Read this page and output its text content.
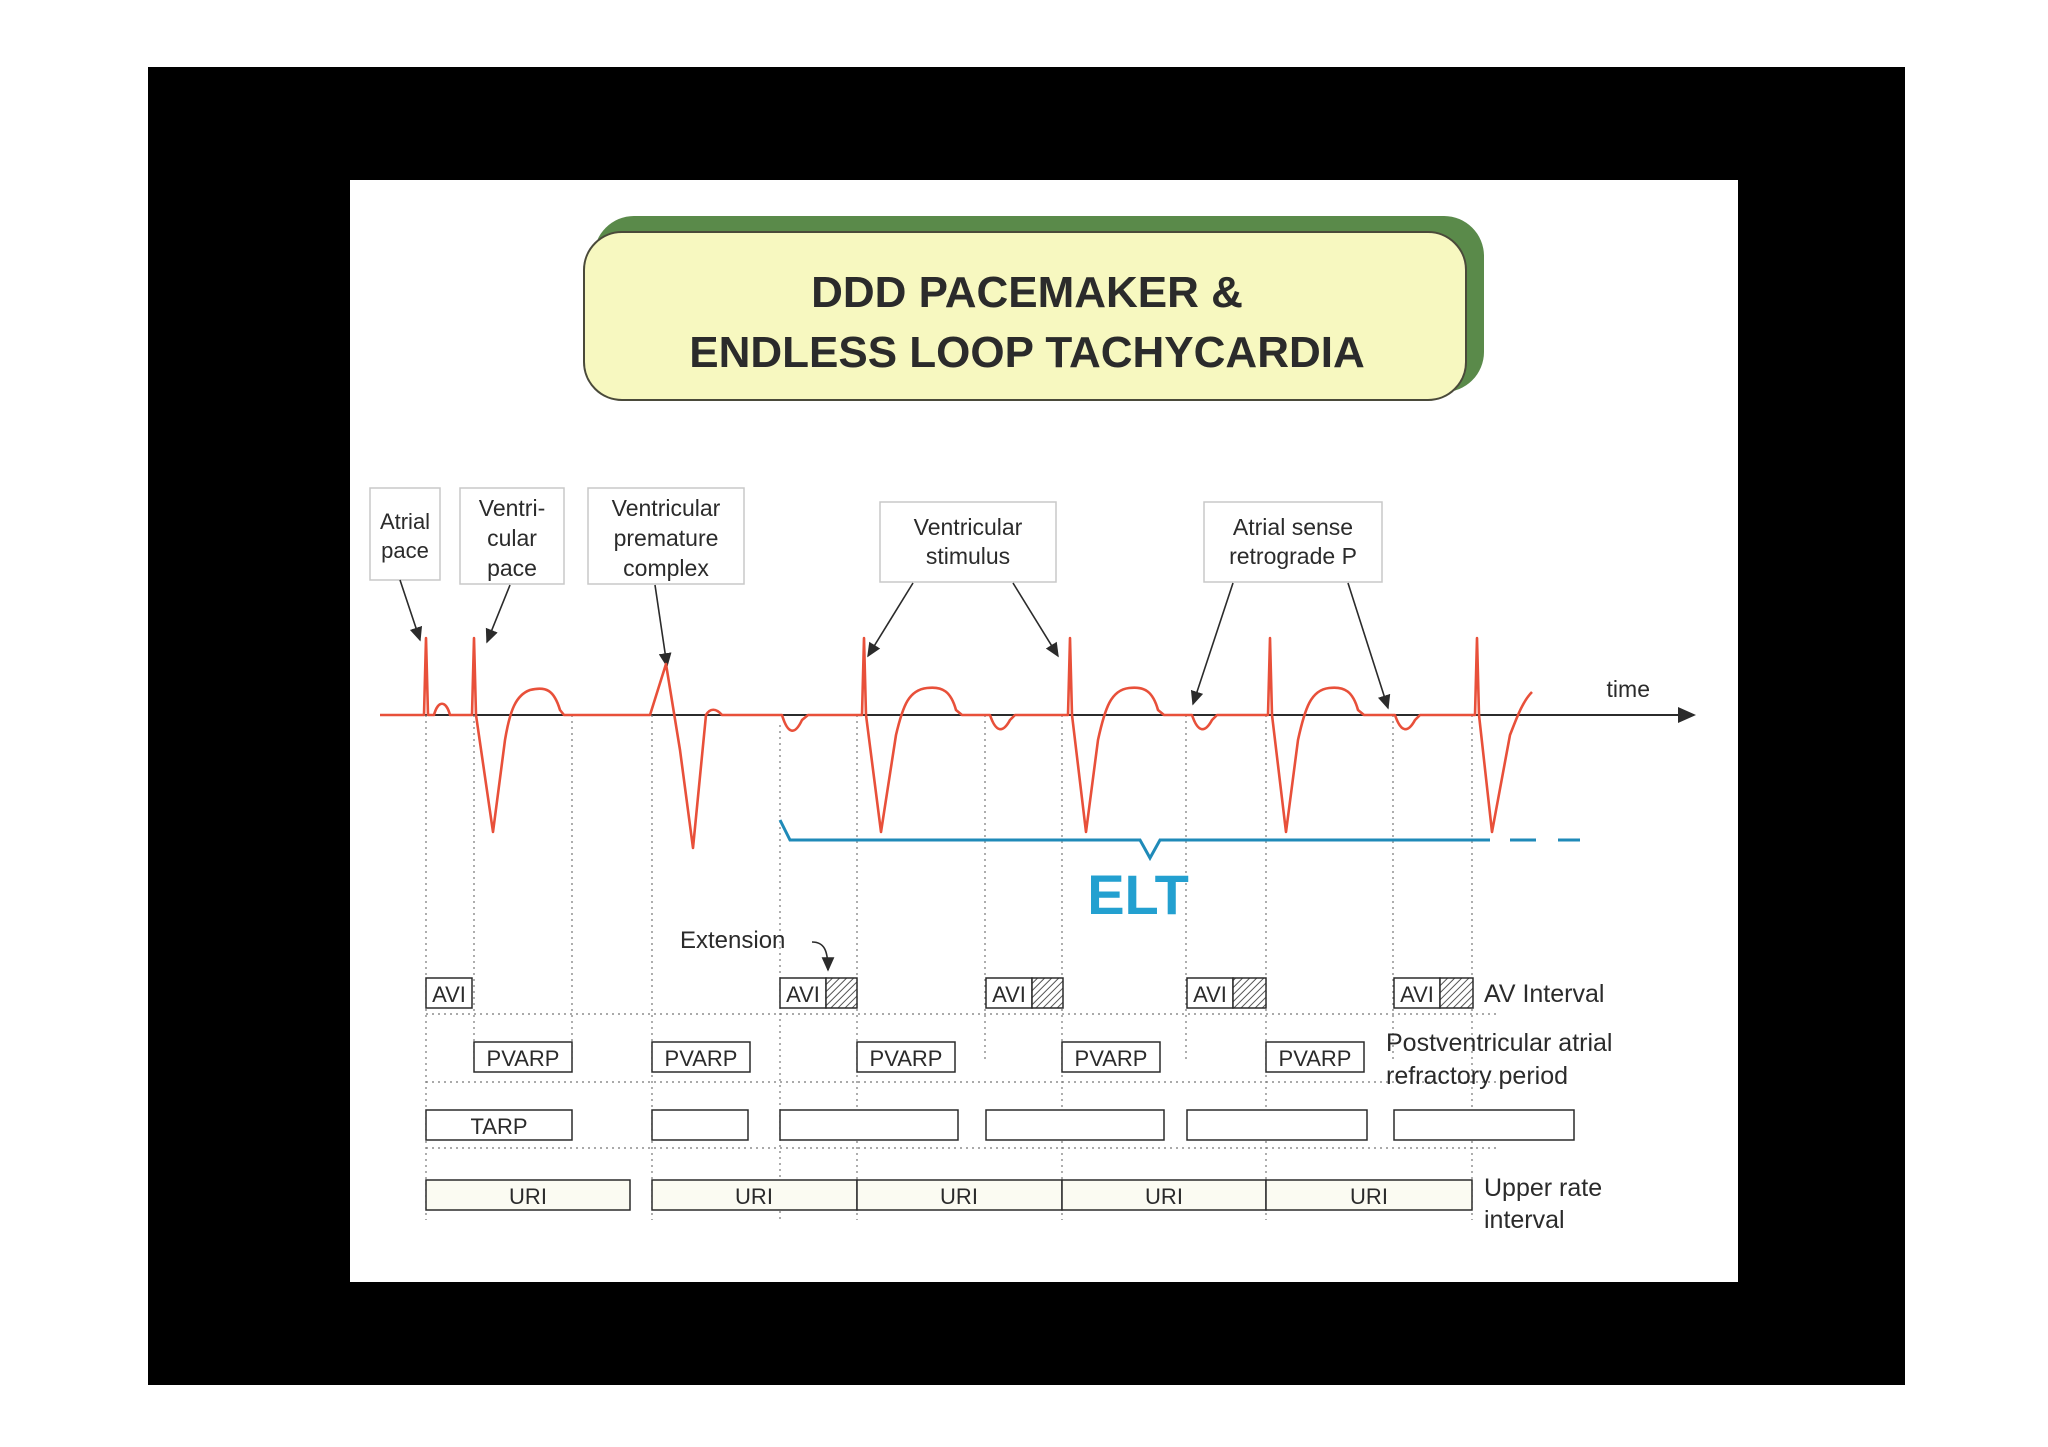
DDD PACEMAKER &
ENDLESS LOOP TACHYCARDIA
Atrial
pace
Ventri-
cular
pace
Ventricular
premature
complex
Ventricular
stimulus
Atrial sense
retrograde P
time
ELT
Extension
AVI	AVI	AVI	AVI	AVI AV Interval
PVARP	PVARP	PVARP	PVARP	PVARP
Postventricular atrial
refractory period
TARP
URI	URI	URI	URI	URI	Upper rate
interval
